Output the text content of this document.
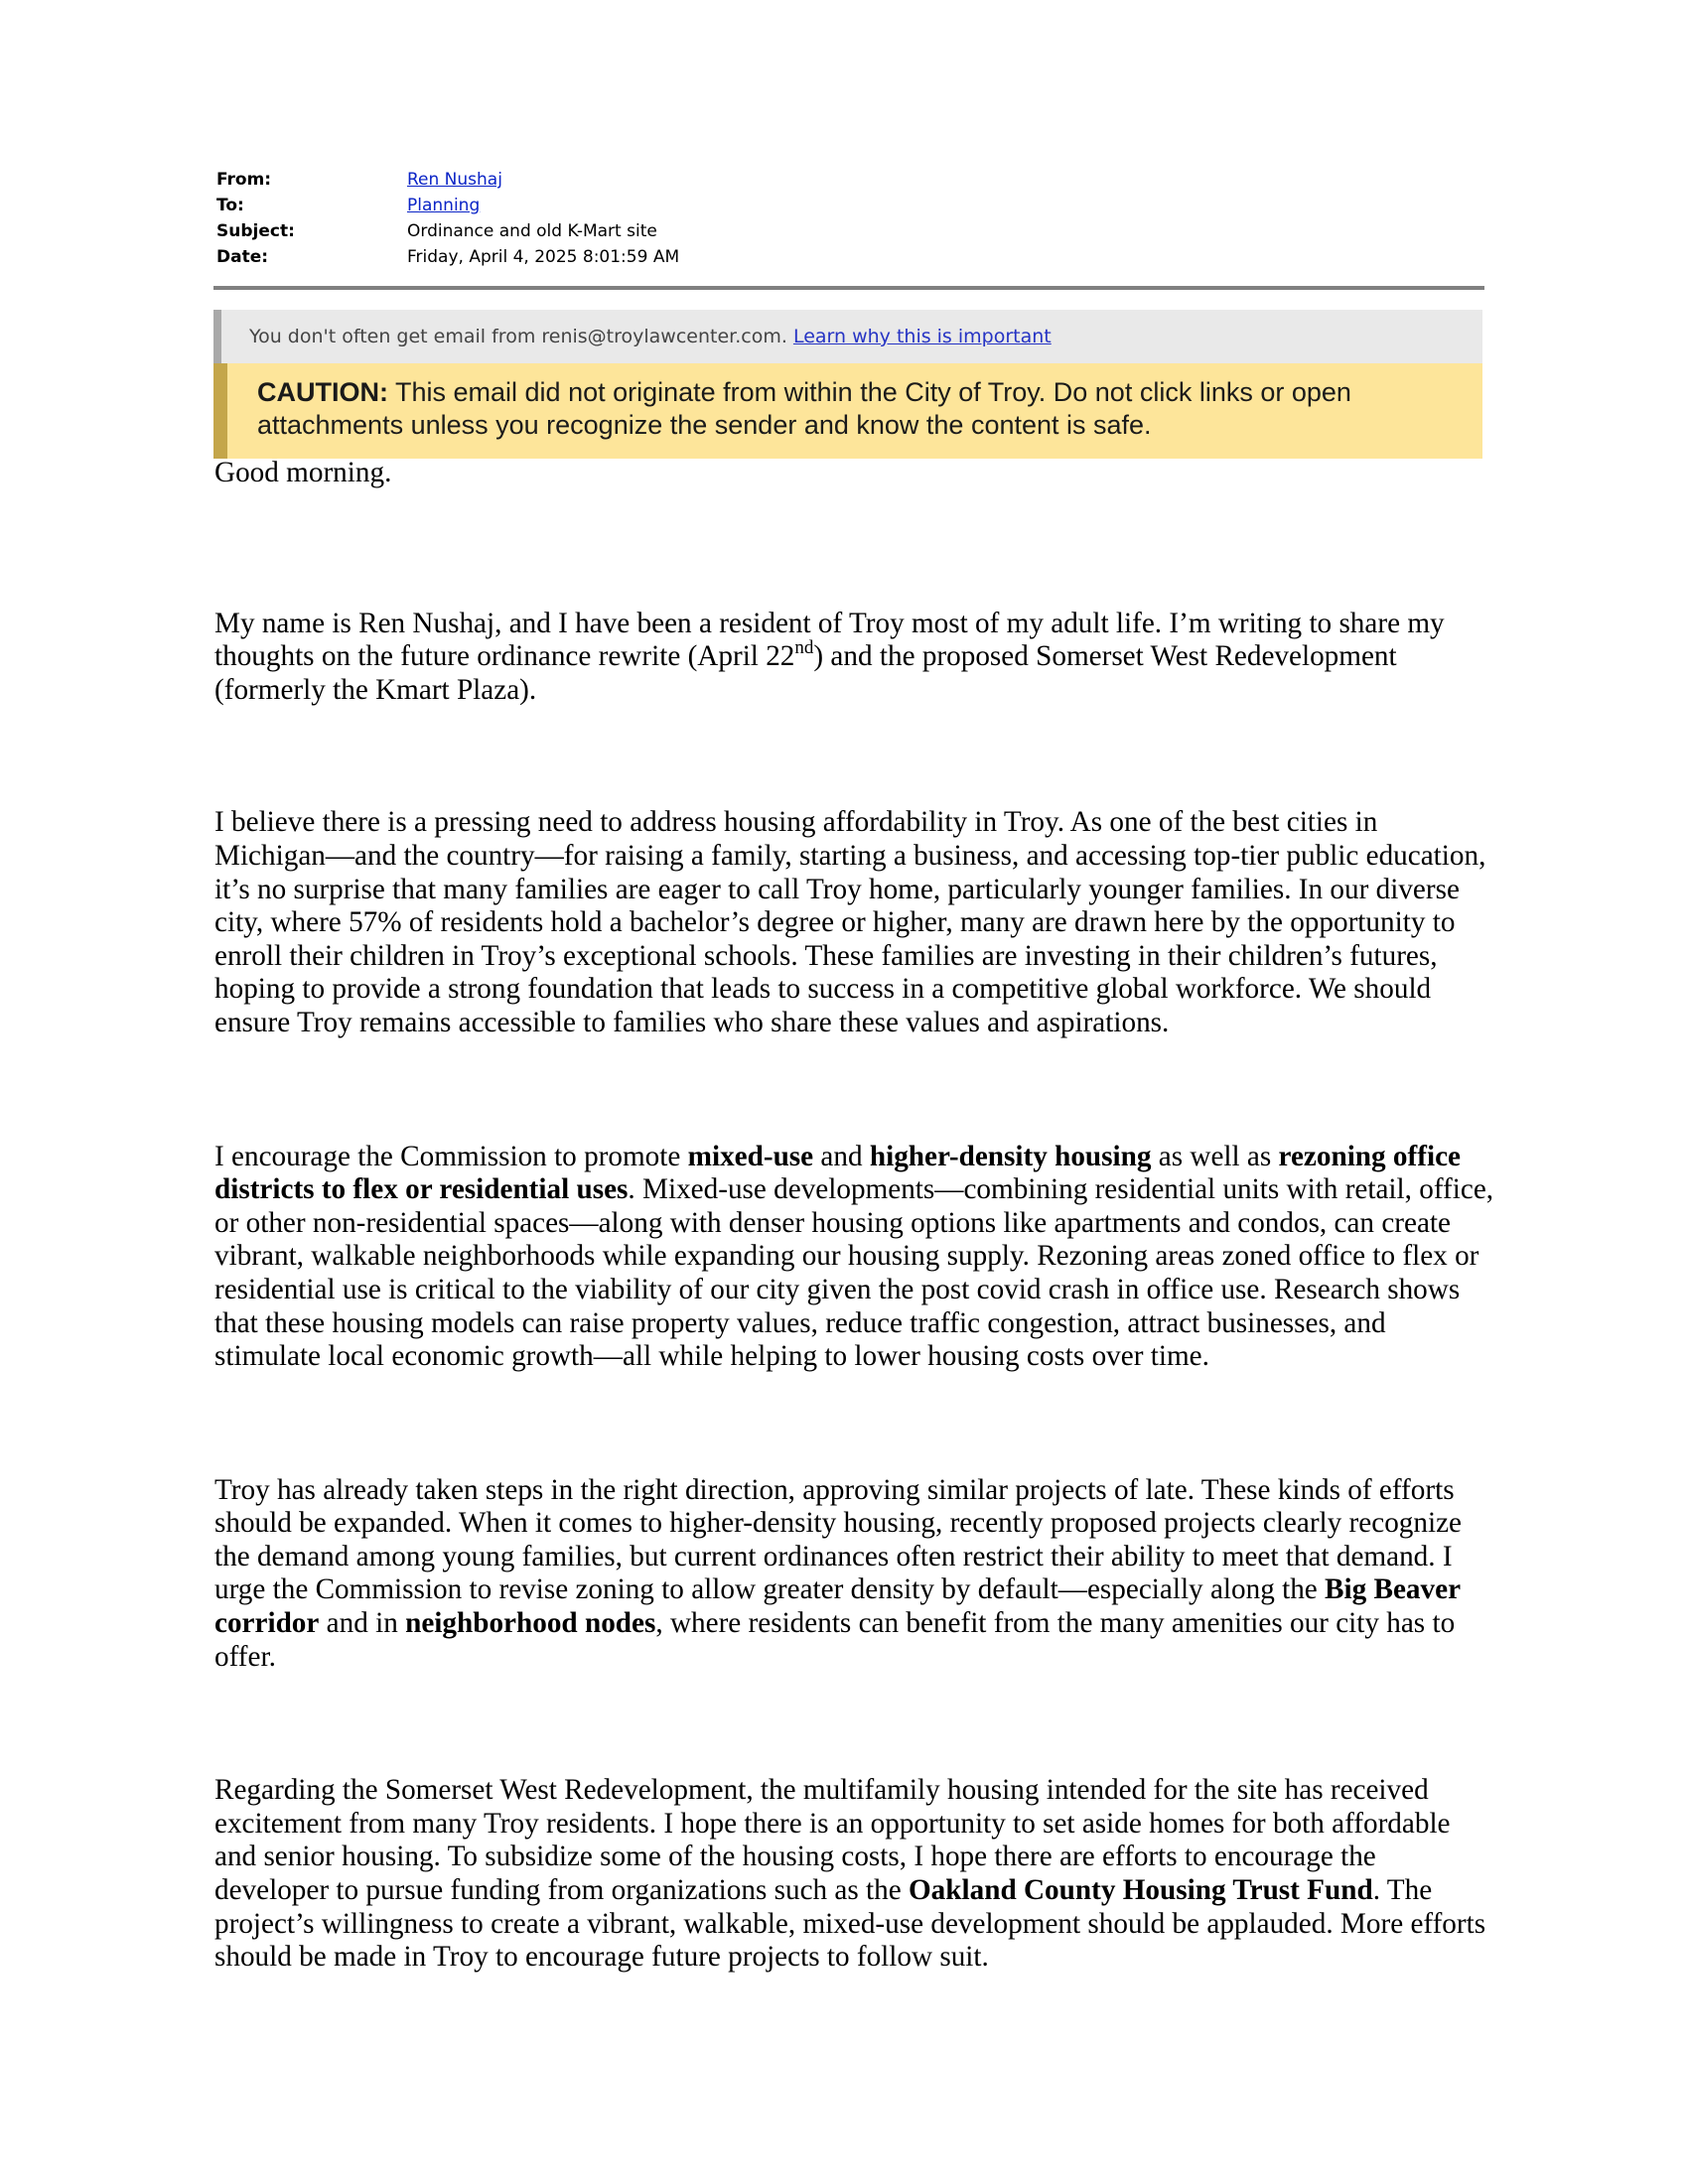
From:	Ren Nushaj
To:	Planning
Subject:	Ordinance and old K-Mart site
Date:	Friday, April 4, 2025 8:01:59 AM
You don't often get email from renis@troylawcenter.com. Learn why this is important
CAUTION: This email did not originate from within the City of Troy. Do not click links or open attachments unless you recognize the sender and know the content is safe.

Good morning.

My name is Ren Nushaj, and I have been a resident of Troy most of my adult life. I’m writing to share my thoughts on the future ordinance rewrite (April 22nd) and the proposed Somerset West Redevelopment (formerly the Kmart Plaza).

I believe there is a pressing need to address housing affordability in Troy. As one of the best cities in Michigan—and the country—for raising a family, starting a business, and accessing top-tier public education, it’s no surprise that many families are eager to call Troy home, particularly younger families. In our diverse city, where 57% of residents hold a bachelor’s degree or higher, many are drawn here by the opportunity to enroll their children in Troy’s exceptional schools. These families are investing in their children’s futures, hoping to provide a strong foundation that leads to success in a competitive global workforce. We should ensure Troy remains accessible to families who share these values and aspirations.

I encourage the Commission to promote mixed-use and higher-density housing as well as rezoning office districts to flex or residential uses. Mixed-use developments—combining residential units with retail, office, or other non-residential spaces—along with denser housing options like apartments and condos, can create vibrant, walkable neighborhoods while expanding our housing supply. Rezoning areas zoned office to flex or residential use is critical to the viability of our city given the post covid crash in office use. Research shows that these housing models can raise property values, reduce traffic congestion, attract businesses, and stimulate local economic growth—all while helping to lower housing costs over time.

Troy has already taken steps in the right direction, approving similar projects of late. These kinds of efforts should be expanded. When it comes to higher-density housing, recently proposed projects clearly recognize the demand among young families, but current ordinances often restrict their ability to meet that demand. I urge the Commission to revise zoning to allow greater density by default—especially along the Big Beaver corridor and in neighborhood nodes, where residents can benefit from the many amenities our city has to offer.

Regarding the Somerset West Redevelopment, the multifamily housing intended for the site has received excitement from many Troy residents. I hope there is an opportunity to set aside homes for both affordable and senior housing. To subsidize some of the housing costs, I hope there are efforts to encourage the developer to pursue funding from organizations such as the Oakland County Housing Trust Fund. The project’s willingness to create a vibrant, walkable, mixed-use development should be applauded. More efforts should be made in Troy to encourage future projects to follow suit.
